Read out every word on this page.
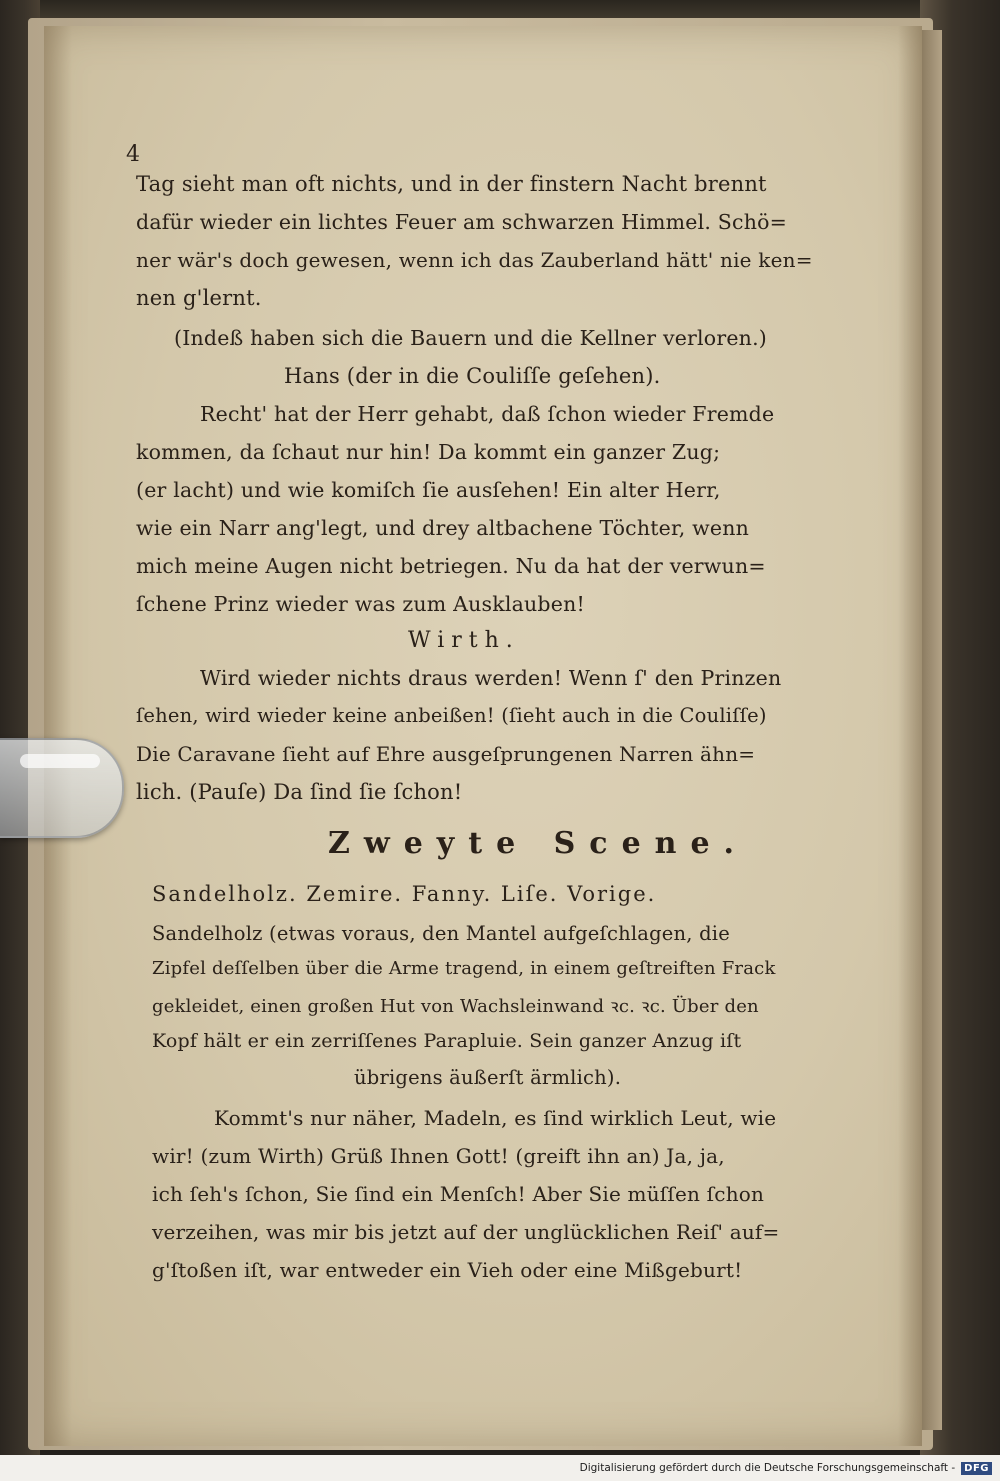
4
Tag sieht man oft nichts, und in der finstern Nacht brennt
dafür wieder ein lichtes Feuer am schwarzen Himmel. Schö=
ner wär's doch gewesen, wenn ich das Zauberland hätt' nie ken=
nen g'lernt.
(Indeß haben sich die Bauern und die Kellner verloren.)
Hans (der in die Couliſſe geſehen).
Recht' hat der Herr gehabt, daß ſchon wieder Fremde
kommen, da ſchaut nur hin! Da kommt ein ganzer Zug;
(er lacht) und wie komiſch ſie ausſehen! Ein alter Herr,
wie ein Narr ang'legt, und drey altbachene Töchter, wenn
mich meine Augen nicht betriegen. Nu da hat der verwun=
ſchene Prinz wieder was zum Ausklauben!
Wirth.
Wird wieder nichts draus werden! Wenn ſ' den Prinzen
ſehen, wird wieder keine anbeißen! (ſieht auch in die Couliſſe)
Die Caravane ſieht auf Ehre ausgeſprungenen Narren ähn=
lich. (Pauſe) Da ſind ſie ſchon!
Zweyte Scene.
Sandelholz. Zemire. Fanny. Liſe. Vorige.
Sandelholz (etwas voraus, den Mantel aufgeſchlagen, die
Zipfel deſſelben über die Arme tragend, in einem geſtreiften Frack
gekleidet, einen großen Hut von Wachsleinwand ꝛc. ꝛc. Über den
Kopf hält er ein zerriſſenes Parapluie. Sein ganzer Anzug iſt
übrigens äußerſt ärmlich).
Kommt's nur näher, Madeln, es ſind wirklich Leut, wie
wir! (zum Wirth) Grüß Ihnen Gott! (greift ihn an) Ja, ja,
ich ſeh's ſchon, Sie ſind ein Menſch! Aber Sie müſſen ſchon
verzeihen, was mir bis jetzt auf der unglücklichen Reiſ' auf=
g'ſtoßen iſt, war entweder ein Vieh oder eine Mißgeburt!
Digitalisierung gefördert durch die Deutsche Forschungsgemeinschaft - DFG
